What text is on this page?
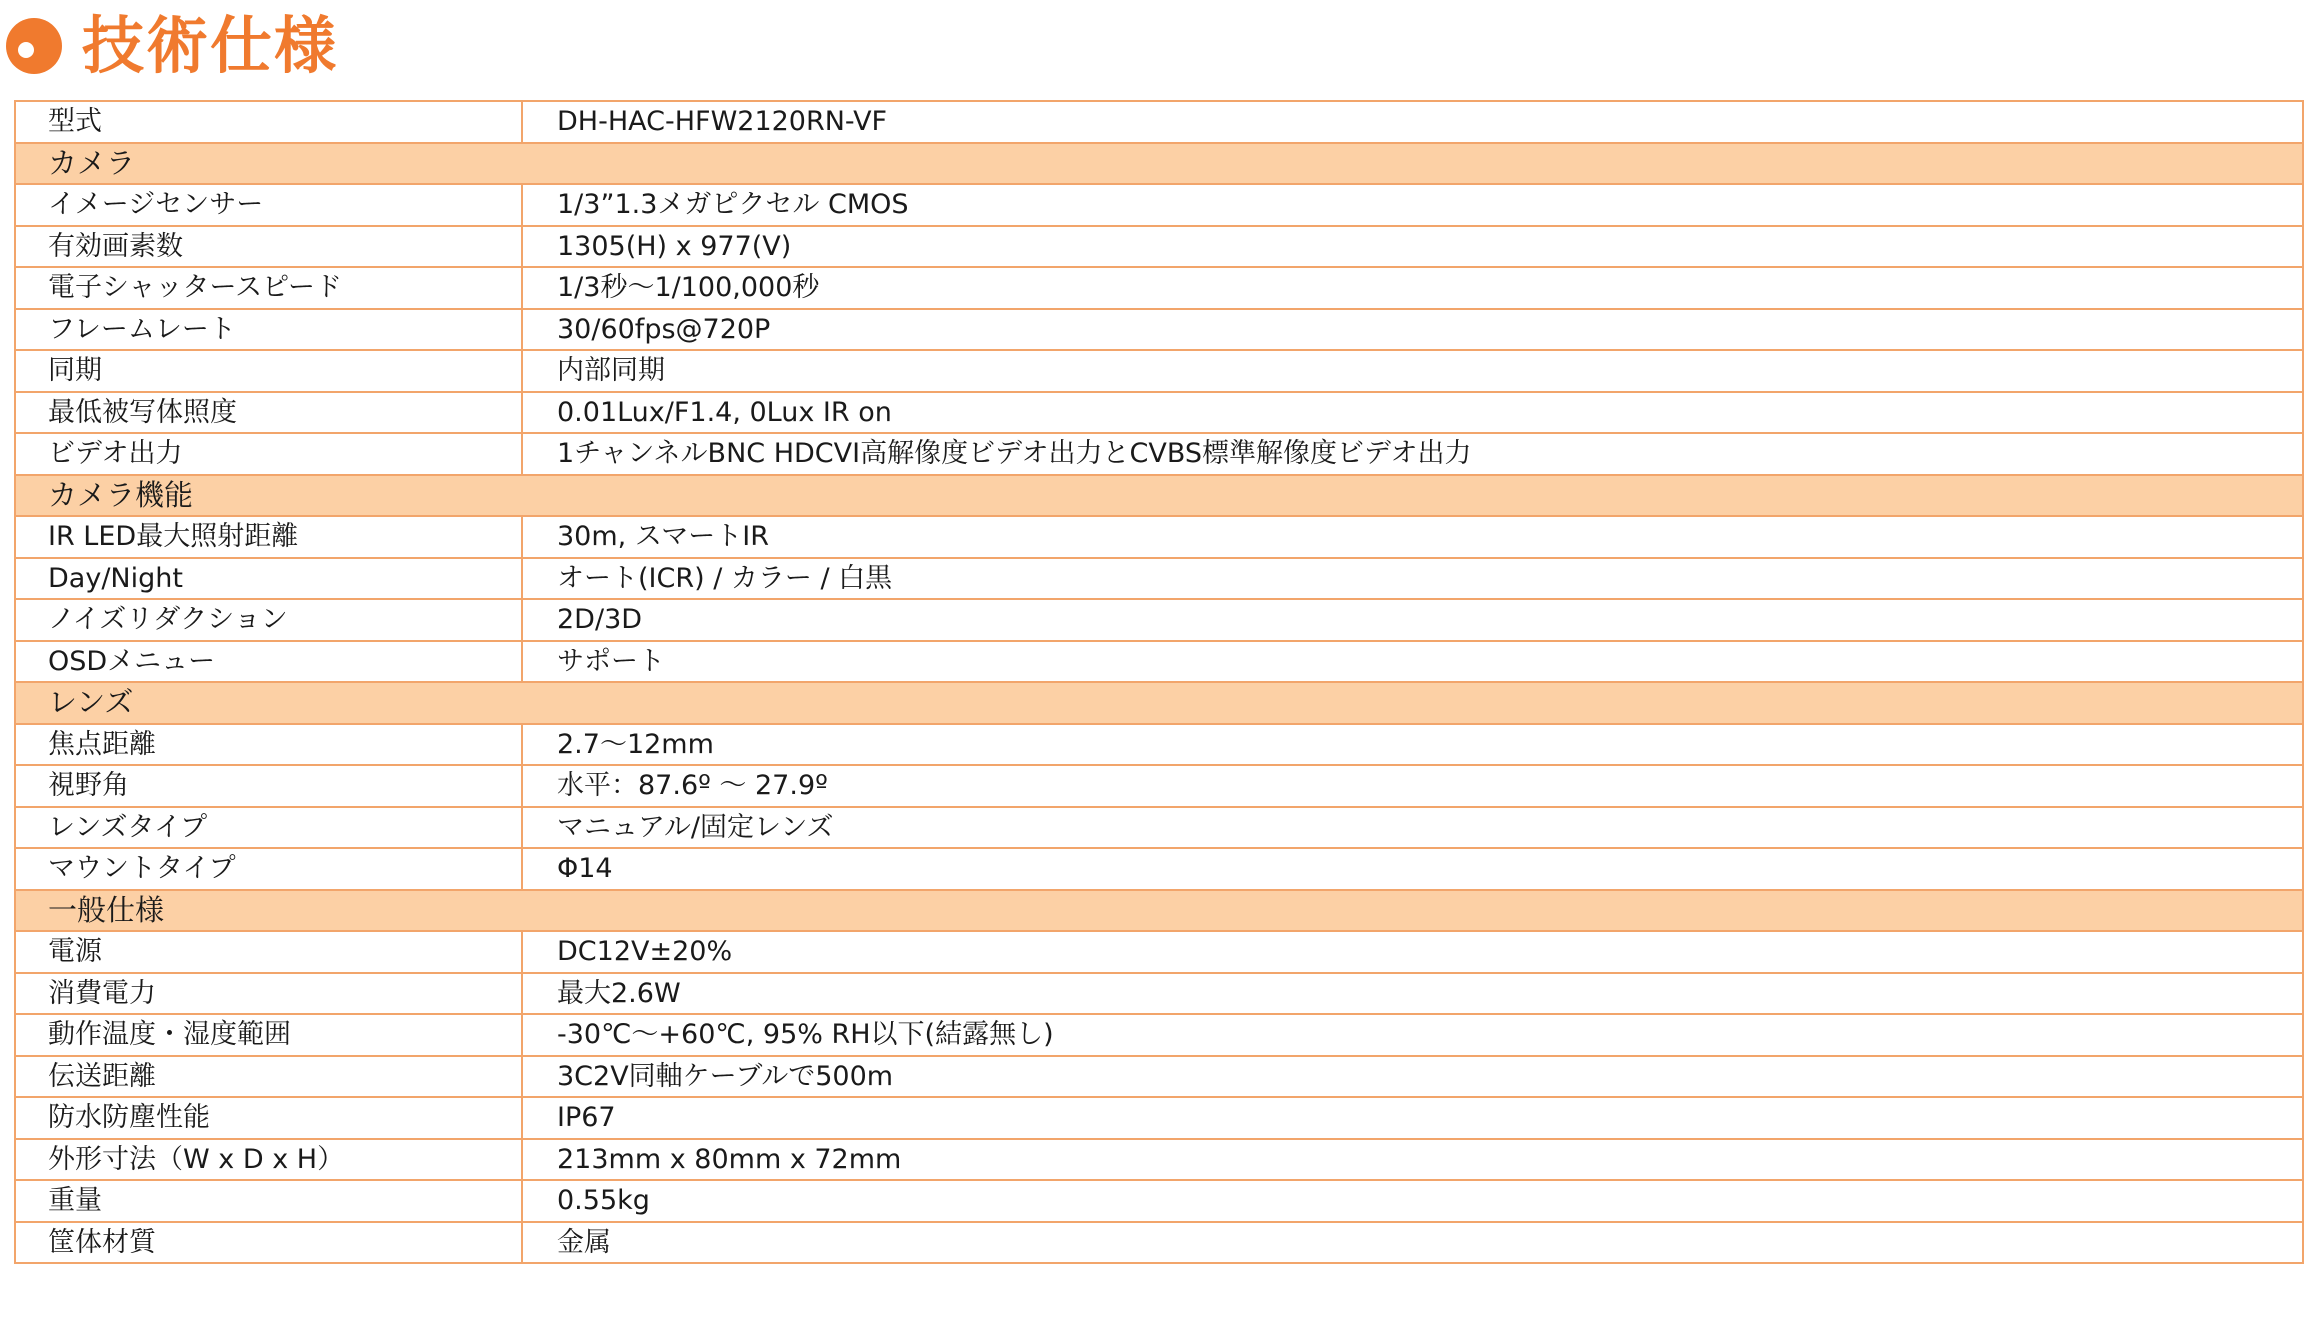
技術仕様
型式	DH-HAC-HFW2120RN-VF
カメラ	
イメージセンサー	1/3”1.3メガピクセル CMOS
有効画素数	1305(H) x 977(V)
電子シャッタースピード	1/3秒〜1/100,000秒
フレームレート	30/60fps@720P
同期	内部同期
最低被写体照度	0.01Lux/F1.4, 0Lux IR on
ビデオ出力	1チャンネルBNC HDCVI高解像度ビデオ出力とCVBS標準解像度ビデオ出力
カメラ機能	
IR LED最大照射距離	30m, スマートIR
Day/Night	オート(ICR) / カラー / 白黒
ノイズリダクション	2D/3D
OSDメニュー	サポート
レンズ	
焦点距離	2.7〜12mm
視野角	水平：87.6º 〜 27.9º
レンズタイプ	マニュアル/固定レンズ
マウントタイプ	Φ14
一般仕様	
電源	DC12V±20%
消費電力	最大2.6W
動作温度・湿度範囲	-30℃〜+60℃, 95% RH以下(結露無し)
伝送距離	3C2V同軸ケーブルで500m
防水防塵性能	IP67
外形寸法（W x D x H）	213mm x 80mm x 72mm
重量	0.55kg
筐体材質	金属
